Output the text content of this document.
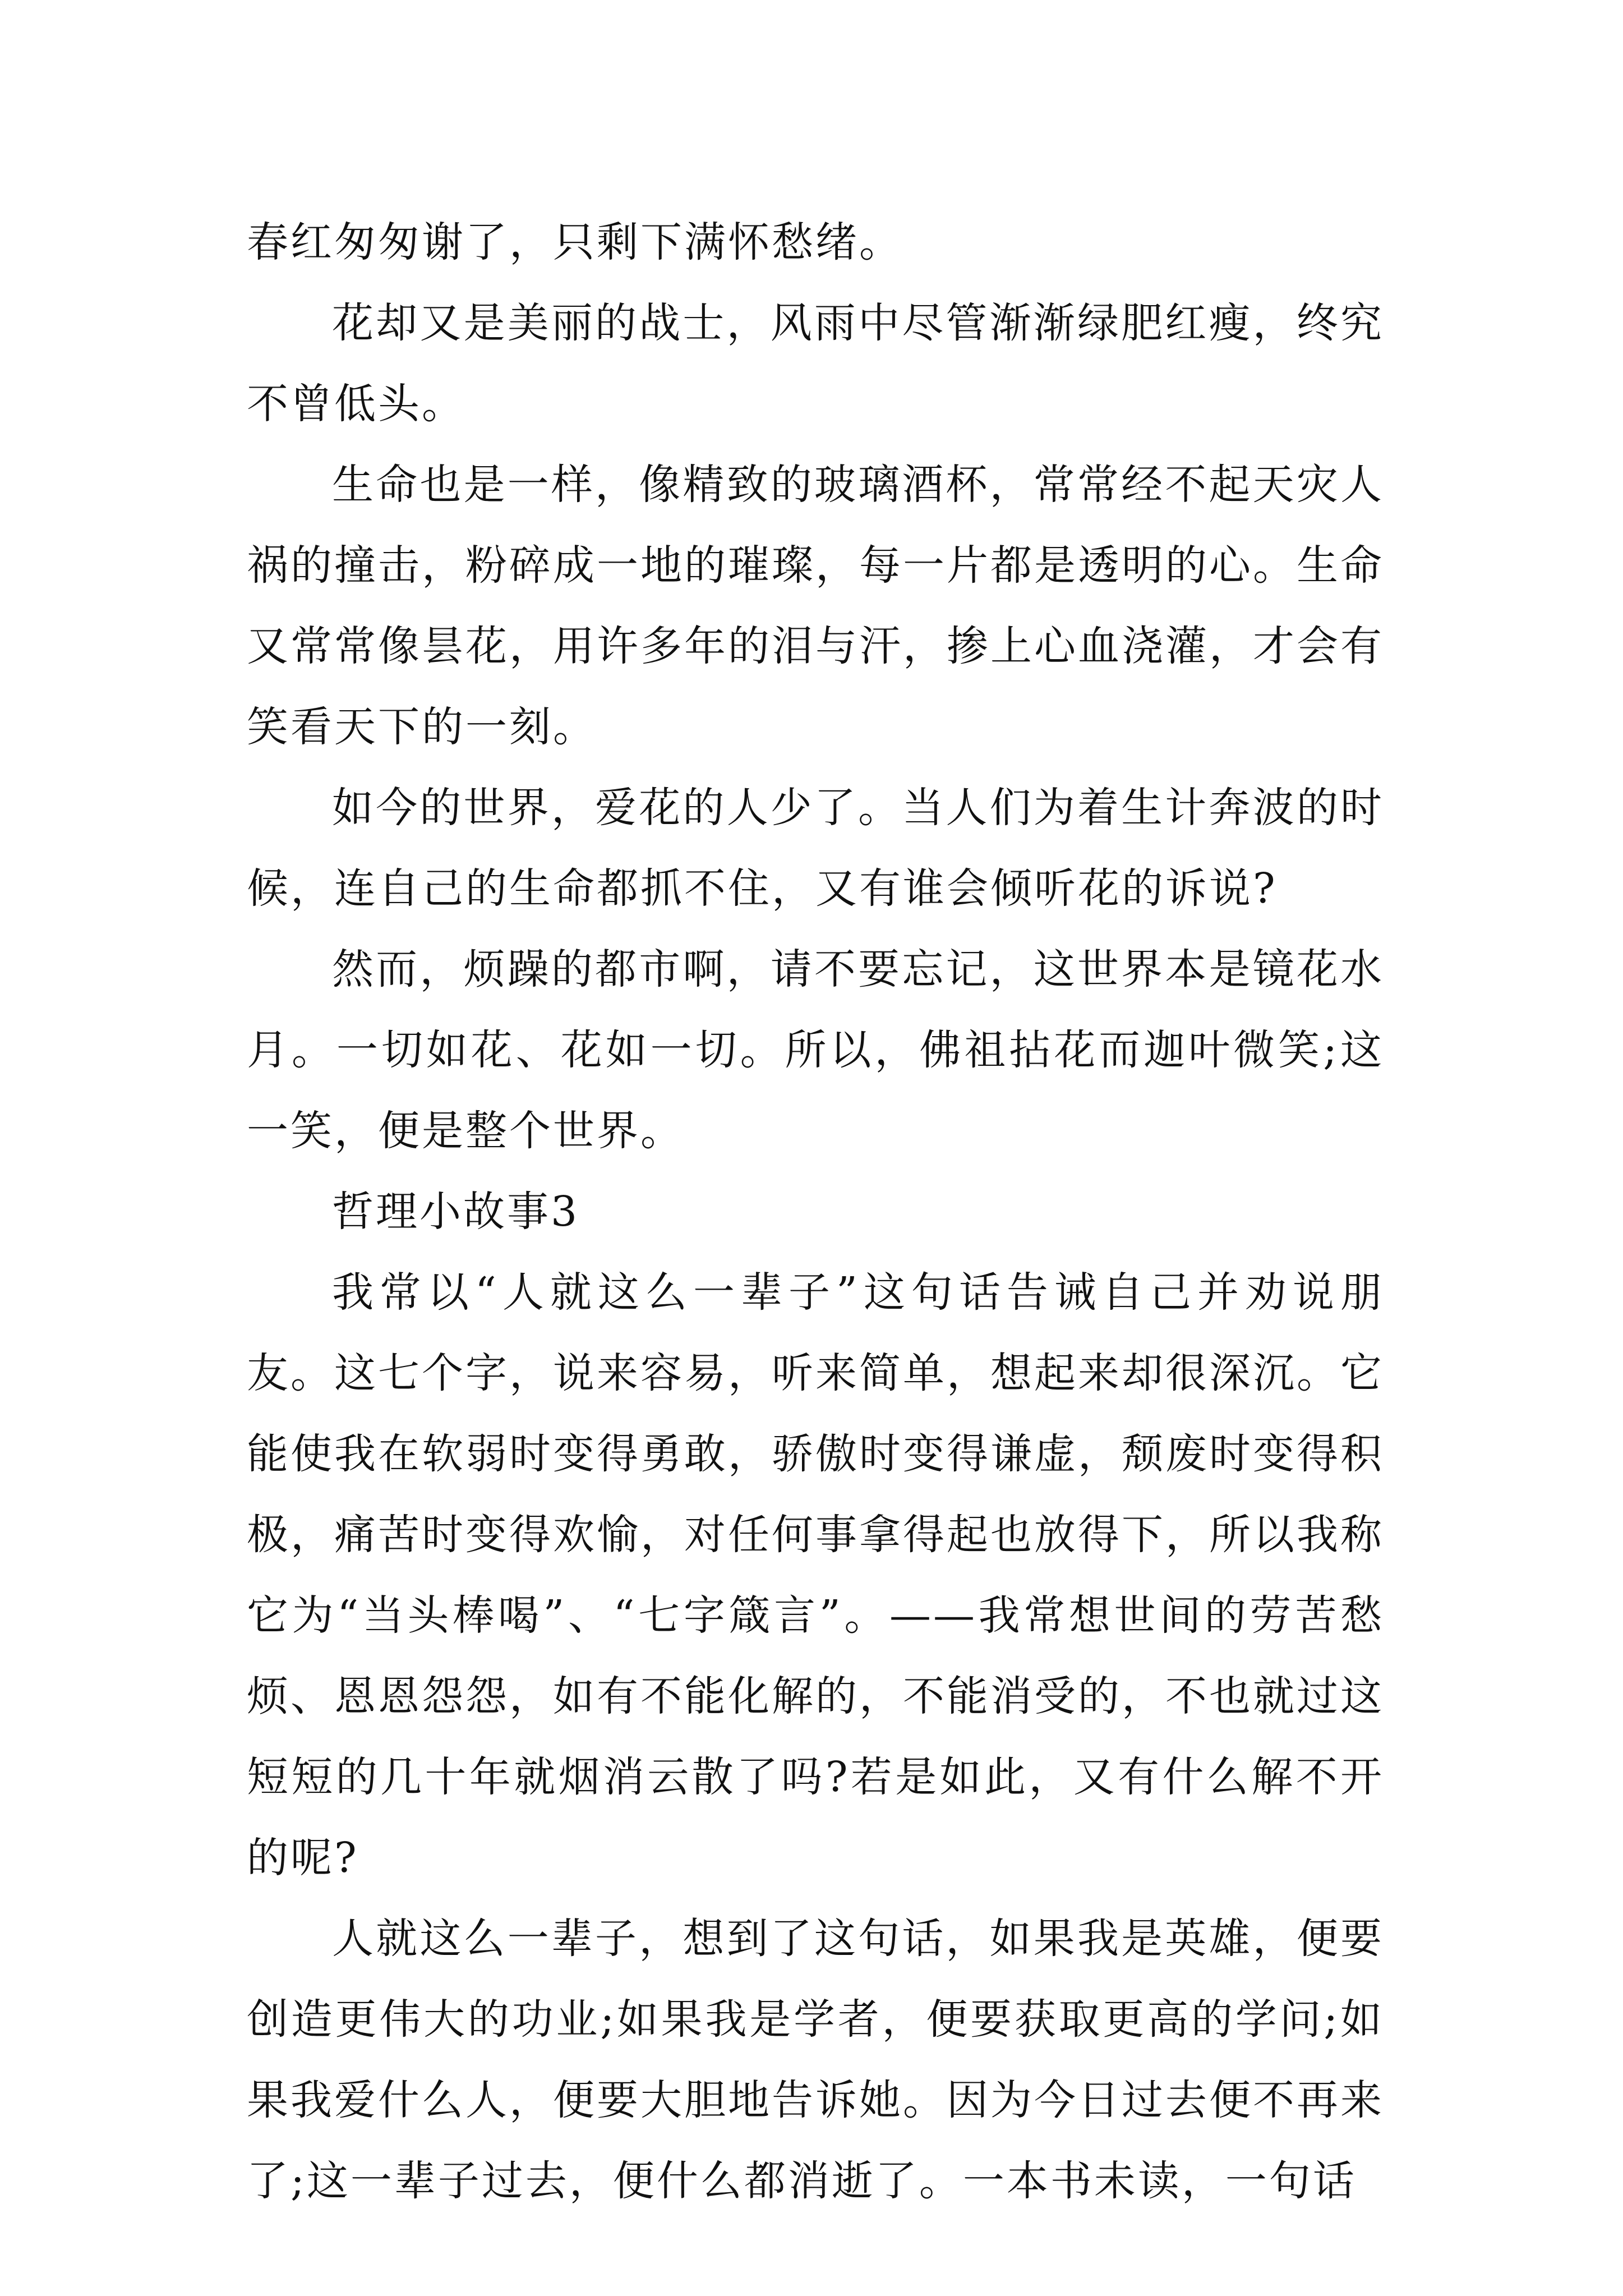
春红匆匆谢了，只剩下满怀愁绪。

花却又是美丽的战士，风雨中尽管渐渐绿肥红瘦，终究不曾低头。

生命也是一样，像精致的玻璃酒杯，常常经不起天灾人祸的撞击，粉碎成一地的璀璨，每一片都是透明的心。生命又常常像昙花，用许多年的泪与汗，掺上心血浇灌，才会有笑看天下的一刻。

如今的世界，爱花的人少了。当人们为着生计奔波的时候，连自己的生命都抓不住，又有谁会倾听花的诉说?

然而，烦躁的都市啊，请不要忘记，这世界本是镜花水月。一切如花、花如一切。所以，佛祖拈花而迦叶微笑;这一笑，便是整个世界。

哲理小故事3

我常以“人就这么一辈子”这句话告诫自己并劝说朋友。这七个字，说来容易，听来简单，想起来却很深沉。它能使我在软弱时变得勇敢，骄傲时变得谦虚，颓废时变得积极，痛苦时变得欢愉，对任何事拿得起也放得下，所以我称它为“当头棒喝”、“七字箴言”。——我常想世间的劳苦愁烦、恩恩怨怨，如有不能化解的，不能消受的，不也就过这短短的几十年就烟消云散了吗?若是如此，又有什么解不开的呢?

人就这么一辈子，想到了这句话，如果我是英雄，便要创造更伟大的功业;如果我是学者，便要获取更高的学问;如果我爱什么人，便要大胆地告诉她。因为今日过去便不再来了;这一辈子过去，便什么都消逝了。一本书未读，一句话
